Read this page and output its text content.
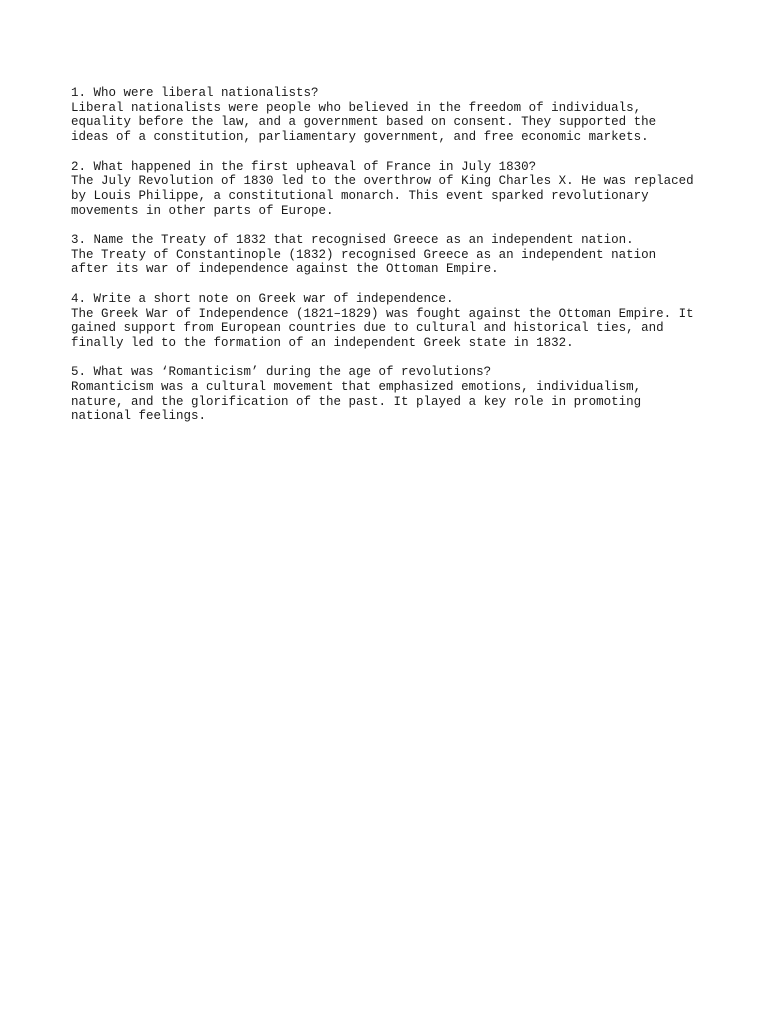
1. Who were liberal nationalists?
Liberal nationalists were people who believed in the freedom of individuals,
equality before the law, and a government based on consent. They supported the
ideas of a constitution, parliamentary government, and free economic markets.
2. What happened in the first upheaval of France in July 1830?
The July Revolution of 1830 led to the overthrow of King Charles X. He was replaced
by Louis Philippe, a constitutional monarch. This event sparked revolutionary
movements in other parts of Europe.
3. Name the Treaty of 1832 that recognised Greece as an independent nation.
The Treaty of Constantinople (1832) recognised Greece as an independent nation
after its war of independence against the Ottoman Empire.
4. Write a short note on Greek war of independence.
The Greek War of Independence (1821–1829) was fought against the Ottoman Empire. It
gained support from European countries due to cultural and historical ties, and
finally led to the formation of an independent Greek state in 1832.
5. What was ‘Romanticism’ during the age of revolutions?
Romanticism was a cultural movement that emphasized emotions, individualism,
nature, and the glorification of the past. It played a key role in promoting
national feelings.
